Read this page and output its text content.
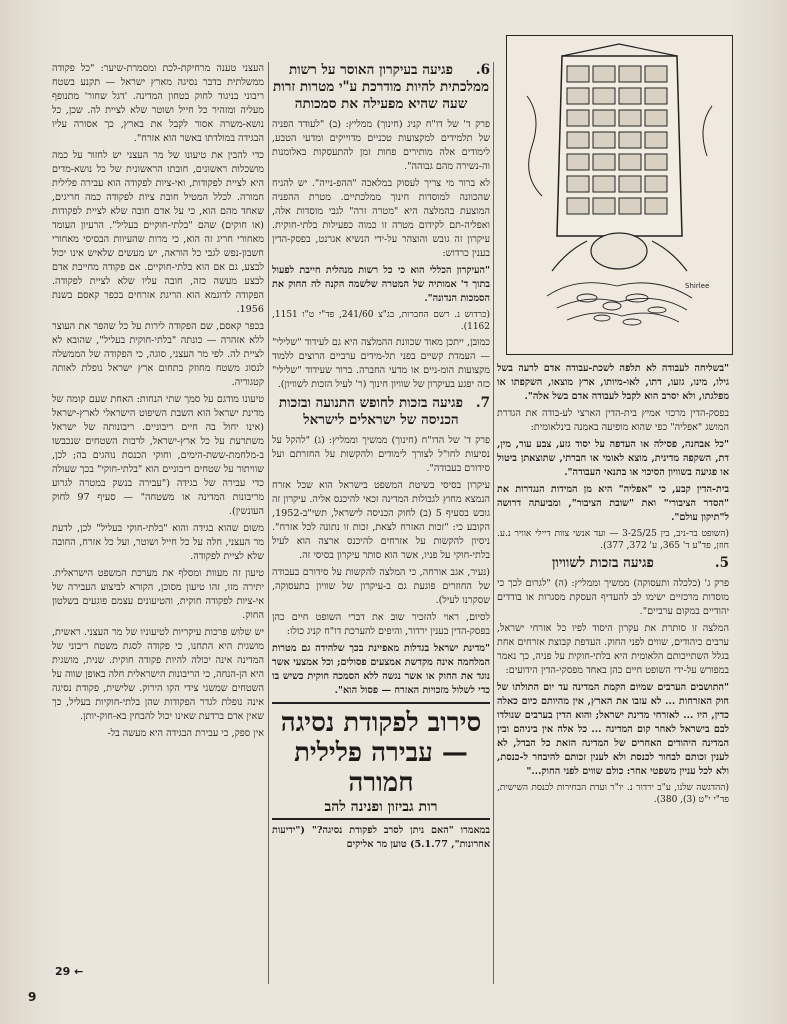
Shirlee

העצני טענה מרחיקת-לכת ומסמרת-שיער: "כל פקודה ממשלתית בדבר נסיגה מארץ ישראל — תקנע בשטח ריבוני בניגוד לחוק בטחון המדינה. 'דגל שחור' מתנופף מעליה ומזהיר כל חייל ושוטר שלא לציית לה. שכן, כל נושא-משרה אסור לקבל את בארץ, כך אסורה עליו הבגידה במולדתו באשר הוא אזרח".

כדי להבין את טיעונו של מר העצני יש לחזור על כמה מושכלות ראשונים, חובתו הראשונית של כל נושא-מדים היא לציית לפקודות, ואי-ציות לפקודה הוא עבירה פלילית חמורה. לכלל המטיל חובת ציות לפקודה כמה חריגים, שאחד מהם הוא, כי על אדם חובה שלא לציית לפקודות (או חוקים) שהם "בלתי-חוקיים בעליל". הרעיון העומד מאחורי חריג זה הוא, כי מרות שהעיוות הבסיסי מאחורי חשבון-נפש לגבי כל הוראה, יש מעשים שלאיש אינו יכול לבצע, גם אם הוא בלתי-חוקיים. אם פקודה מחייבת אדם לבצע מעשה כזה, חובה עליו שלא לציית לפקודה. הפקודה לדוגמא הוא הריגת אזרחים בכפר קאסם בשנת 1956.

בכפר קאסם, שם הפקודה לירות על כל שהפר את העוצר ללא אזהרה — כונתה "בלתי-חוקית בעליל", שהובא לא לציית לה. לפי מר העצני, סוגה, כי הפקודה של הממשלה לנסוג משטח מחוזק בתחום ארץ ישראל נופלת לאותה קטגוריה.

טיעונו מודגם על סמך שתי הנחות: האחת שעם קומה של מדינת ישראל הוא השבת השיפוט הישראלי לארץ-ישראל (אינו יחול בה חיים ריבוניים. ריבונותה של ישראל משתרעת על כל ארץ-ישראל, לרבות השטחים שנכבשו ב-מלחמת-ששת-הימים, וחוקי הכנסת נוהגים בה; לכן, שוויתור על שטחים ריבוניים הוא "בלתי-חוקי" בכך שעולה כדי עבירה של בגידה ("עבירה בנשק במטרה לגרוע מריבונות המדינה או משטחה" — סעיף 97 לחוק העונשין).

משום שהוא בגידה והוא "בלתי-חוקי בעליל" לכן, לדעת מר העצני, חלה על כל חייל ושוטר, ועל כל אזרח, החובה שלא לציית לפקודה.

טיעון זה מעוות ומסלף את מערכת המשפט הישראלית. יתירה מזו, זהו טיעון מסוכן, הקורא לביצוע העבירה של אי-ציות לפקודה חוקית, והטיעונים עצמם פוגעים בשלטון החוק.

יש שלוש פרכות עיקריות לטיעוניו של מר העצני. ראשית, מושגית היא התחנו, כי פקודה לסגת משטח ריבוני של המדינה אינה יכולה להיות פקודה חוקית. שנית, מושגית היא הן-הנחה, כי הריבונות הישראלית חלה באופן שווה על השטחים שמשני צידי הקו הירוק. שלישית, פקודת נסיגה אינה נופלת לגדר הפקודות שהן בלתי-חוקיות בעליל, כך שאין אדם ברדעת שאינו יכול להבחין בא-חוק-יותן.

אין ספק, כי עבירת הבגידה היא מעשה בל-

6.
פגיעה בעיקרון האוסר על רשות ממלכתית להיות מודרכת ע"י מטרות זרות שעה שהיא מפעילה את סמכותה

פרק ד' של דו"ח קניג (חינוך) ממליץ: (ב) "לעודד הפניה של תלמידים למקצועות טכניים מדוייקים ומדעי הטבע, לימודים אלה מותירים פחות זמן להתעסקות באלומנות וה-נשירה מהם גבוהה".

לא ברור מי צריך לעסוק במלאכה "ההפ-נייה". יש להניח שהכוונה למוסדות חינוך ממלכתיים. מטרת ההפניה המוצעת בהמלצה היא "מטרה זרה" לגבי מוסדות אלה, ואפליה-תם לקידום מטרה זו כמוה כפעילות בלתי-חוקית. עיקרון זה גובש והוצהר על-ידי הנשיא אגרנט, בפסק-הדין בענין כרדוש:

"העיקרון הכללי הוא כי כל רשות מנהלית חייבת לפעול בתוך ד' אמותיה של המטרה שלשמה הקנה לה החוק את הסמכות הנדונה".

(כרדוש נ. רשם החברות, בג"צ 241/60, פד"י ט"ו 1151, 1162).

כמובן, ייתכן מאוד שכוונת ההמלצה היא גם לעידוד "שלילי" — העמדת קשיים בפני תל-מידים ערביים הרוצים ללמוד מקצועות הומ-ניים או מדעי החברה. ברור שעידוד "שלילי" כזה יפגע בעיקרון של שוויון חינוך (ר' לעיל הזכות לשוויון).

7.
פגיעה בזכות לחופש התנועה ובזכות הכניסה של ישראלים לישראל

פרק ד' של הדו"ח (חינוך) ממשיך וממליץ: (ג) "להקל על נסיעות לחו"ל לצורך לימודים ולהקשות על החזרתם ועל סידורם בעבודה".

עיקרון בסיסי בשיטת המשפט בישראל הוא שכל אזרח הנמצא מחוץ לגבולות המדינה זכאי להיכנס אליה. עיקרון זה גובש בסעיף 5 (ב) לחוק הכניסה לישראל, תשי"ב-1952, הקובע כי: "זכות האזרח לצאת, זכות זו נתונה לכל אזרח". ניסיון להקשות על אזרחים להיכנס ארצה הוא לעיל בלתי-חוקי על פניו, אשר הוא סותר עיקרון בסיסי זה.

(נעיר, אגב אורחה, כי המלצה להקשות על סידורם בעבודה של החוזרים פוגעת גם ב-עיקרון של שוויון בתעסוקה, שסקרנו לעיל).

לסיום, ראוי להזכיר שוב את דברי השופט חיים כהן בפסק-הדין בענין ירדור, והיפים להערכת דו"ח קניג כולו:

"מדינת ישראל בגדלות מאפיינת בכך שלהידה גם מטרות המלחמה אינה מקדשת אמצעים פסולים; וכל אמצעי אשר נוגד את החוק או אשר נגשה ללא הסמכה חוקית כשיש בו כדי לשלול מזכויות האזרח — פסול הוא".

סירוב לפקודת נסיגה — עבירה פלילית חמורה
רות גביזון ופנינה להב

במאמרו "האם ניתן לסרב לפקודת נסיגה?" ("ידיעות אחרונות", 5.1.77) טוען מר אליקים

"בשליחה לעבודה לא תלפה לשכת-עבודה אדם לרעה בשל גילו, מינו, גזעו, דתו, לאו-מיותו, ארץ מוצאו, השקפתו או מפלגתו, ולא יסרב הוא לקבל לעבודה אדם בשל אלה".

בפסק-הדין מרכזי אמיץ בית-הדין הארצי לע-בודה את הגדרת המושג "אפליה" כפי שהוא מופיעה באמנה בינלאומית:

"כל אבחנה, פסילה או העדפה על יסוד גזע, צבע עור, מין, דת, השקפה מדינית, מוצא לאומי או חברתי, שתוצאתן ביטול או פגיעה בשוויון הסיכוי או בתנאי העבודה".

בית-הדין קבע, כי "אפליה" היא מן המידות הנגדרות את "הסדר הציבורי" ואת "שובת הציבור", ומביעתה דרושה ל"תיקון עולם".

(השופט בר-ניב, בין 3-25/25 — ועד אנשי צוות דיילי אוויר נ.ע. חוזן, פד"ע ד' 365, ע' 372, 377).

5.
פגיעה בזכות לשוויון

פרק ג' (כלכלה ותעסוקה) ממשיך וממליץ: (ה) "לגרום לכך כי מוסדות מרכזיים ישימו לב להעדיף העסקת מסגרות או בודדים יהודיים במקום ערביים".

המלצה זו סותרת את עקרון היסוד לפיו כל אזרחי ישראל, ערבים כיהודים, שווים לפני החוק. העדפת קבוצת אזרחים אחת בגלל השתייכותם הלאומית היא בלתי-חוקית על פניה, כך נאמר במפורש על-ידי השופט חיים כהן באחד מפסקי-הדין הידועים:

"התושבים הערבים שמיום הקמת המדינה עד יום התולתו של חוק האזרחות ... לא עזבו את הארץ, אין מהיותם כיום כאלה כדין, היו ... לאזרחי מדינת ישראל; והוא הדין בערבים שנולדו לבם בישראל לאחר קום המדינה ... כל אלה אין ביניהם ובין המדינה היהודים האחרים של המדינה הזאת כל הבדל, לא לענין זכותם לבחור לכנסת ולא לענין זכותם להיבחר ל-כנסת, ולא לכל עניין משפטי אחר: כולם שווים לפני החוק..."

(ההדגשה שלנו, ע"ב ירדור נ. יו"ר ועדת הבחירות לכנסת השישית, פד"י י"ט (3), 380).

29 ←
9
